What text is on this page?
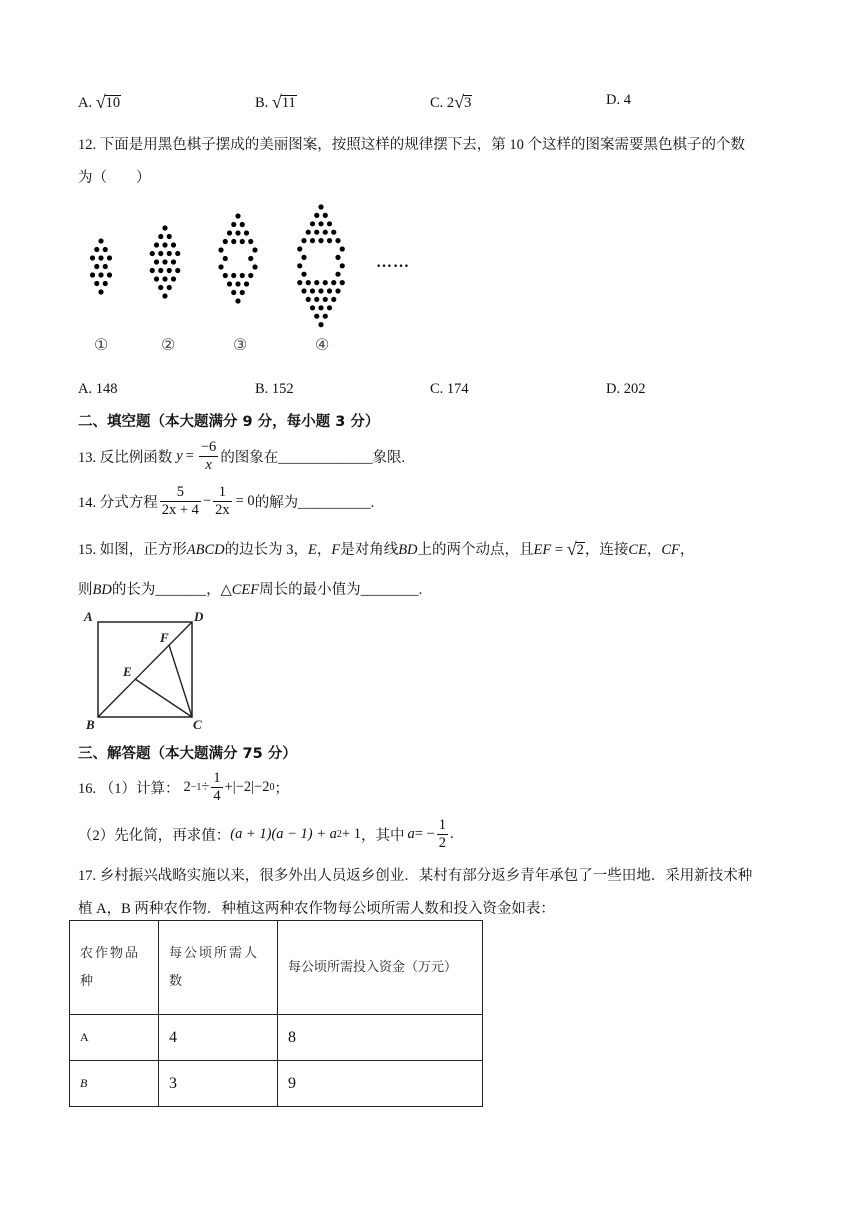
A. √10	B. √11	C. 2√3	D. 4
12. 下面是用黑色棋子摆成的美丽图案，按照这样的规律摆下去，第 10 个这样的图案需要黑色棋子的个数
为（　　）
……
①	②	③	④
A. 148	B. 152	C. 174	D. 202
二、填空题（本大题满分 9 分，每小题 3 分）
13. 反比例函数 $y = \frac{-6}{x}$ 的图象在_____________象限.
14. 分式方程 $\frac{5}{2x + 4} - \frac{1}{2x} = 0$ 的解为__________.
15. 如图，正方形ABCD的边长为 3，E，F是对角线BD上的两个动点，且EF = √2，连接CE，CF，
则BD的长为_______，△CEF周长的最小值为________.
A	D
F
E
B	C
三、解答题（本大题满分 75 分）
16. （1）计算： $2 -1 \div \frac{1}{4} + |-2| - 2$ 0 ；
（2）先化简，再求值： (a + 1)(a − 1) + a 2 + 1 ，其中 a = − $\frac{1}{2}$ .
17. 乡村振兴战略实施以来，很多外出人员返乡创业．某村有部分返乡青年承包了一些田地．采用新技术种
植 A，B 两种农作物．种植这两种农作物每公顷所需人数和投入资金如表：
农作物品种	每公顷所需人数	每公顷所需投入资金（万元）

A	4	8
B	3	9
